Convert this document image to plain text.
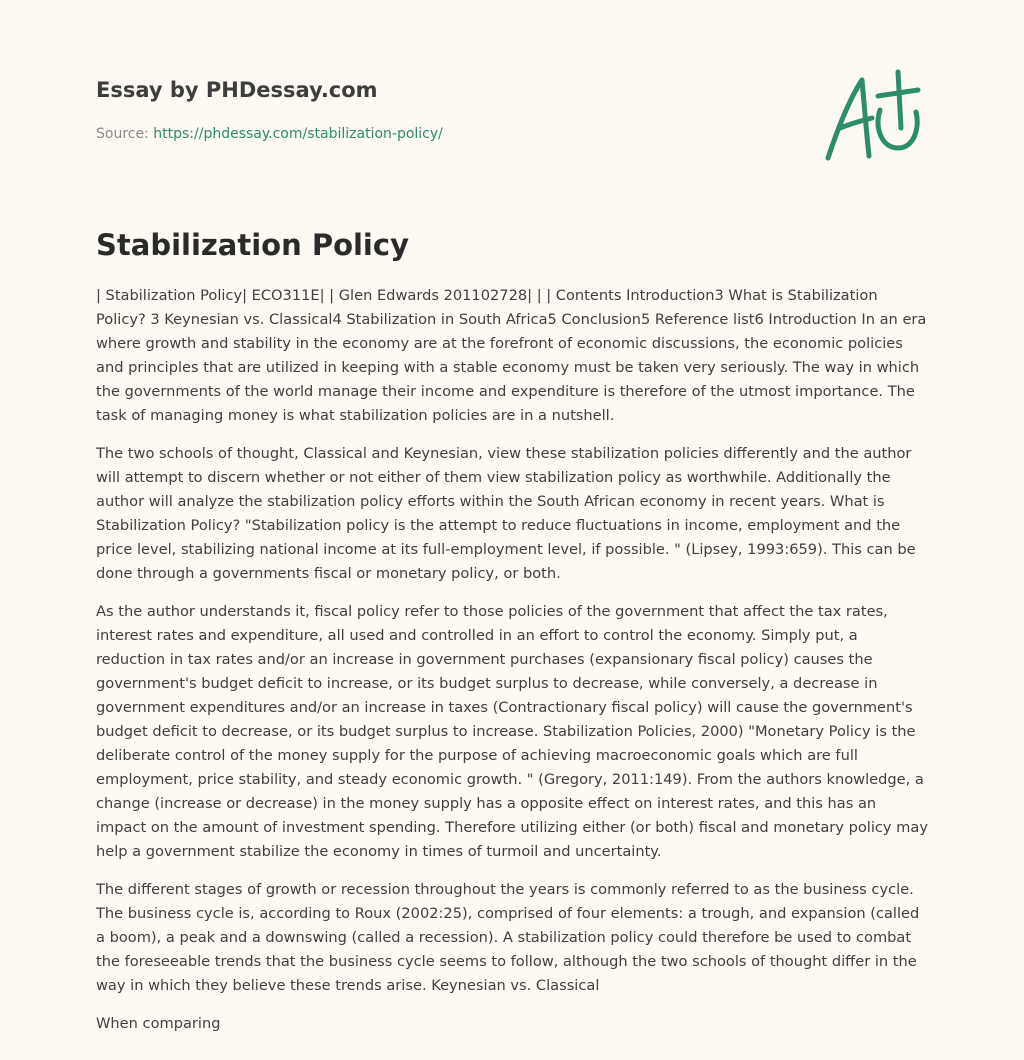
Essay by PHDessay.com
Source: https://phdessay.com/stabilization-policy/
Stabilization Policy

| Stabilization Policy| ECO311E| | Glen Edwards 201102728| | | Contents Introduction3 What is Stabilization Policy? 3 Keynesian vs. Classical4 Stabilization in South Africa5 Conclusion5 Reference list6 Introduction In an era where growth and stability in the economy are at the forefront of economic discussions, the economic policies and principles that are utilized in keeping with a stable economy must be taken very seriously. The way in which the governments of the world manage their income and expenditure is therefore of the utmost importance. The task of managing money is what stabilization policies are in a nutshell.

The two schools of thought, Classical and Keynesian, view these stabilization policies differently and the author will attempt to discern whether or not either of them view stabilization policy as worthwhile. Additionally the author will analyze the stabilization policy efforts within the South African economy in recent years. What is Stabilization Policy? "Stabilization policy is the attempt to reduce fluctuations in income, employment and the price level, stabilizing national income at its full-employment level, if possible. " (Lipsey, 1993:659). This can be done through a governments fiscal or monetary policy, or both.

As the author understands it, fiscal policy refer to those policies of the government that affect the tax rates, interest rates and expenditure, all used and controlled in an effort to control the economy. Simply put, a reduction in tax rates and/or an increase in government purchases (expansionary fiscal policy) causes the government's budget deficit to increase, or its budget surplus to decrease, while conversely, a decrease in government expenditures and/or an increase in taxes (Contractionary fiscal policy) will cause the government's budget deficit to decrease, or its budget surplus to increase. Stabilization Policies, 2000) "Monetary Policy is the deliberate control of the money supply for the purpose of achieving macroeconomic goals which are full employment, price stability, and steady economic growth. " (Gregory, 2011:149). From the authors knowledge, a change (increase or decrease) in the money supply has a opposite effect on interest rates, and this has an impact on the amount of investment spending. Therefore utilizing either (or both) fiscal and monetary policy may help a government stabilize the economy in times of turmoil and uncertainty.

The different stages of growth or recession throughout the years is commonly referred to as the business cycle. The business cycle is, according to Roux (2002:25), comprised of four elements: a trough, and expansion (called a boom), a peak and a downswing (called a recession). A stabilization policy could therefore be used to combat the foreseeable trends that the business cycle seems to follow, although the two schools of thought differ in the way in which they believe these trends arise. Keynesian vs. Classical

When comparing
